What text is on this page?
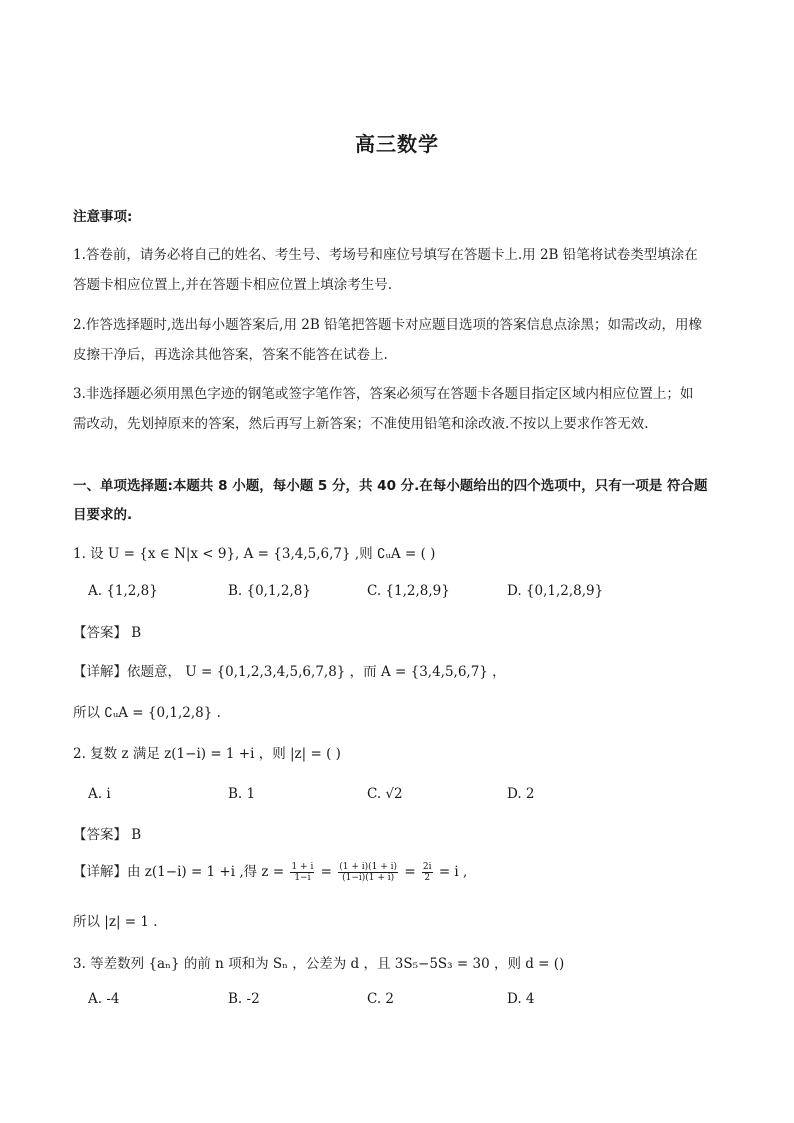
高三数学
注意事项:
1.答卷前，请务必将自己的姓名、考生号、考场号和座位号填写在答题卡上.用 2B 铅笔将试卷类型填涂在
答题卡相应位置上,并在答题卡相应位置上填涂考生号.
2.作答选择题时,选出每小题答案后,用 2B 铅笔把答题卡对应题目选项的答案信息点涂黑；如需改动，用橡
皮擦干净后，再选涂其他答案，答案不能答在试卷上.
3.非选择题必须用黑色字迹的钢笔或签字笔作答，答案必须写在答题卡各题目指定区域内相应位置上；如
需改动，先划掉原来的答案，然后再写上新答案；不准使用铅笔和涂改液.不按以上要求作答无效.
一、单项选择题:本题共 8 小题，每小题 5 分，共 40 分.在每小题给出的四个选项中，只有一项是 符合题
目要求的.
1. 设 U = {x ∈ N|x < 9}, A = {3,4,5,6,7} ,则 ∁ᵤA = ( )
A. {1,2,8}	B. {0,1,2,8}	C. {1,2,8,9}	D. {0,1,2,8,9}
【答案】 B
【详解】依题意， U = {0,1,2,3,4,5,6,7,8} ，而 A = {3,4,5,6,7} ，
所以 ∁ᵤA = {0,1,2,8} .
2. 复数 z 满足 z(1−i) = 1 +i ，则 |z| = ( )
A. i	B. 1	C. √2	D. 2
【答案】 B
【详解】由 z(1−i) = 1 +i ,得 $z = \frac{1 + i}{1-i} = \frac{(1 + i)(1 + i)}{(1-i)(1 + i)} = \frac{2i}{2} = i$ ,
所以 |z| = 1 .
3. 等差数列 {aₙ} 的前 n 项和为 Sₙ ，公差为 d ，且 3S₅−5S₃ = 30 ，则 d = ()
A. -4	B. -2	C. 2	D. 4
